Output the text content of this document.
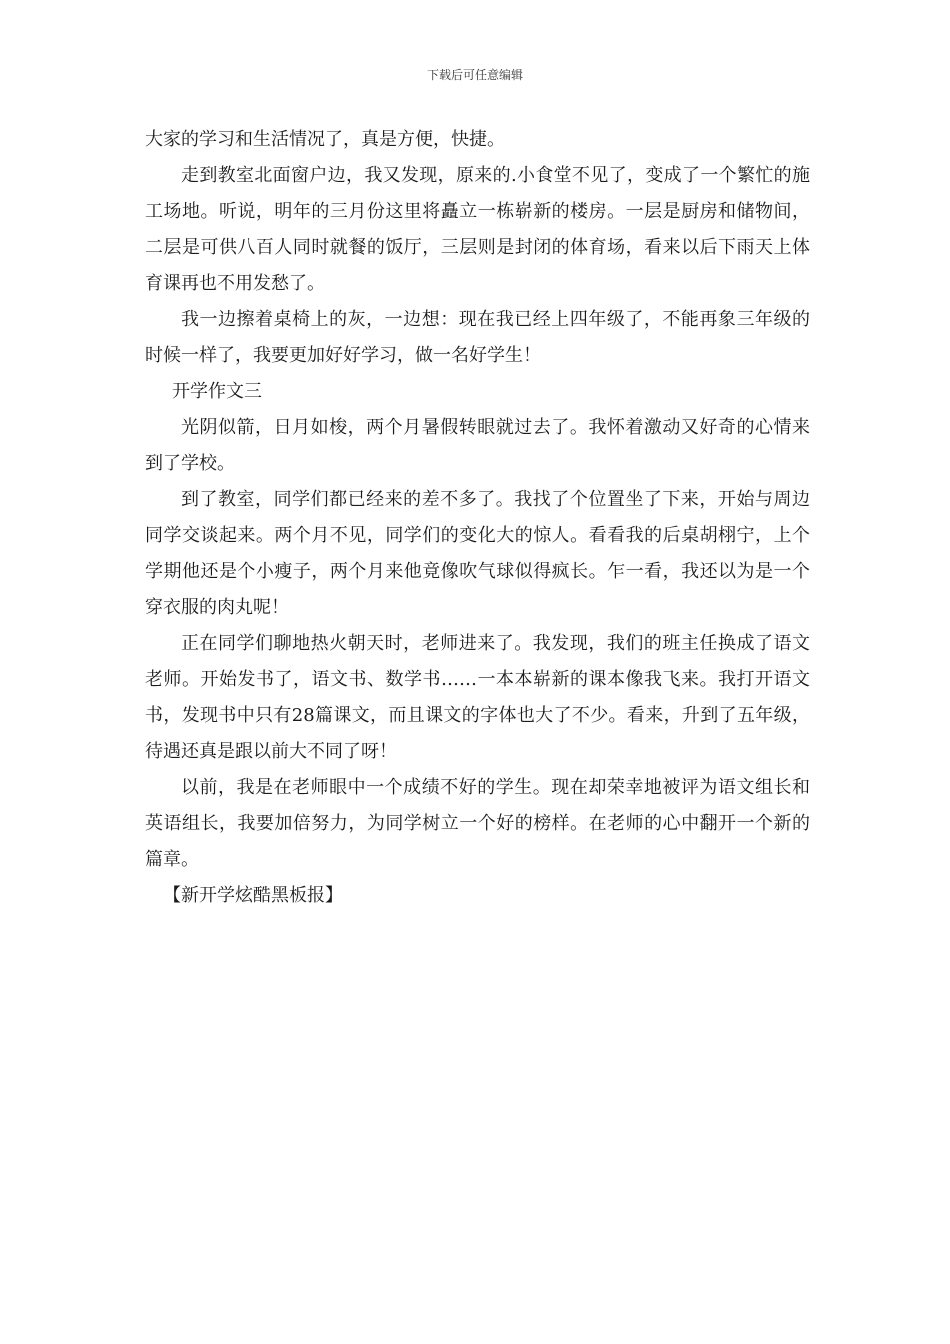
下载后可任意编辑

大家的学习和生活情况了，真是方便，快捷。

走到教室北面窗户边，我又发现，原来的.小食堂不见了，变成了一个繁忙的施工场地。听说，明年的三月份这里将矗立一栋崭新的楼房。一层是厨房和储物间，二层是可供八百人同时就餐的饭厅，三层则是封闭的体育场，看来以后下雨天上体育课再也不用发愁了。

我一边擦着桌椅上的灰，一边想：现在我已经上四年级了，不能再象三年级的时候一样了，我要更加好好学习，做一名好学生！

开学作文三

光阴似箭，日月如梭，两个月暑假转眼就过去了。我怀着激动又好奇的心情来到了学校。

到了教室，同学们都已经来的差不多了。我找了个位置坐了下来，开始与周边同学交谈起来。两个月不见，同学们的变化大的惊人。看看我的后桌胡栩宁，上个学期他还是个小瘦子，两个月来他竟像吹气球似得疯长。乍一看，我还以为是一个穿衣服的肉丸呢！

正在同学们聊地热火朝天时，老师进来了。我发现，我们的班主任换成了语文老师。开始发书了，语文书、数学书……一本本崭新的课本像我飞来。我打开语文书，发现书中只有28篇课文，而且课文的字体也大了不少。看来，升到了五年级，待遇还真是跟以前大不同了呀！

以前，我是在老师眼中一个成绩不好的学生。现在却荣幸地被评为语文组长和英语组长，我要加倍努力，为同学树立一个好的榜样。在老师的心中翻开一个新的篇章。

【新开学炫酷黑板报】
